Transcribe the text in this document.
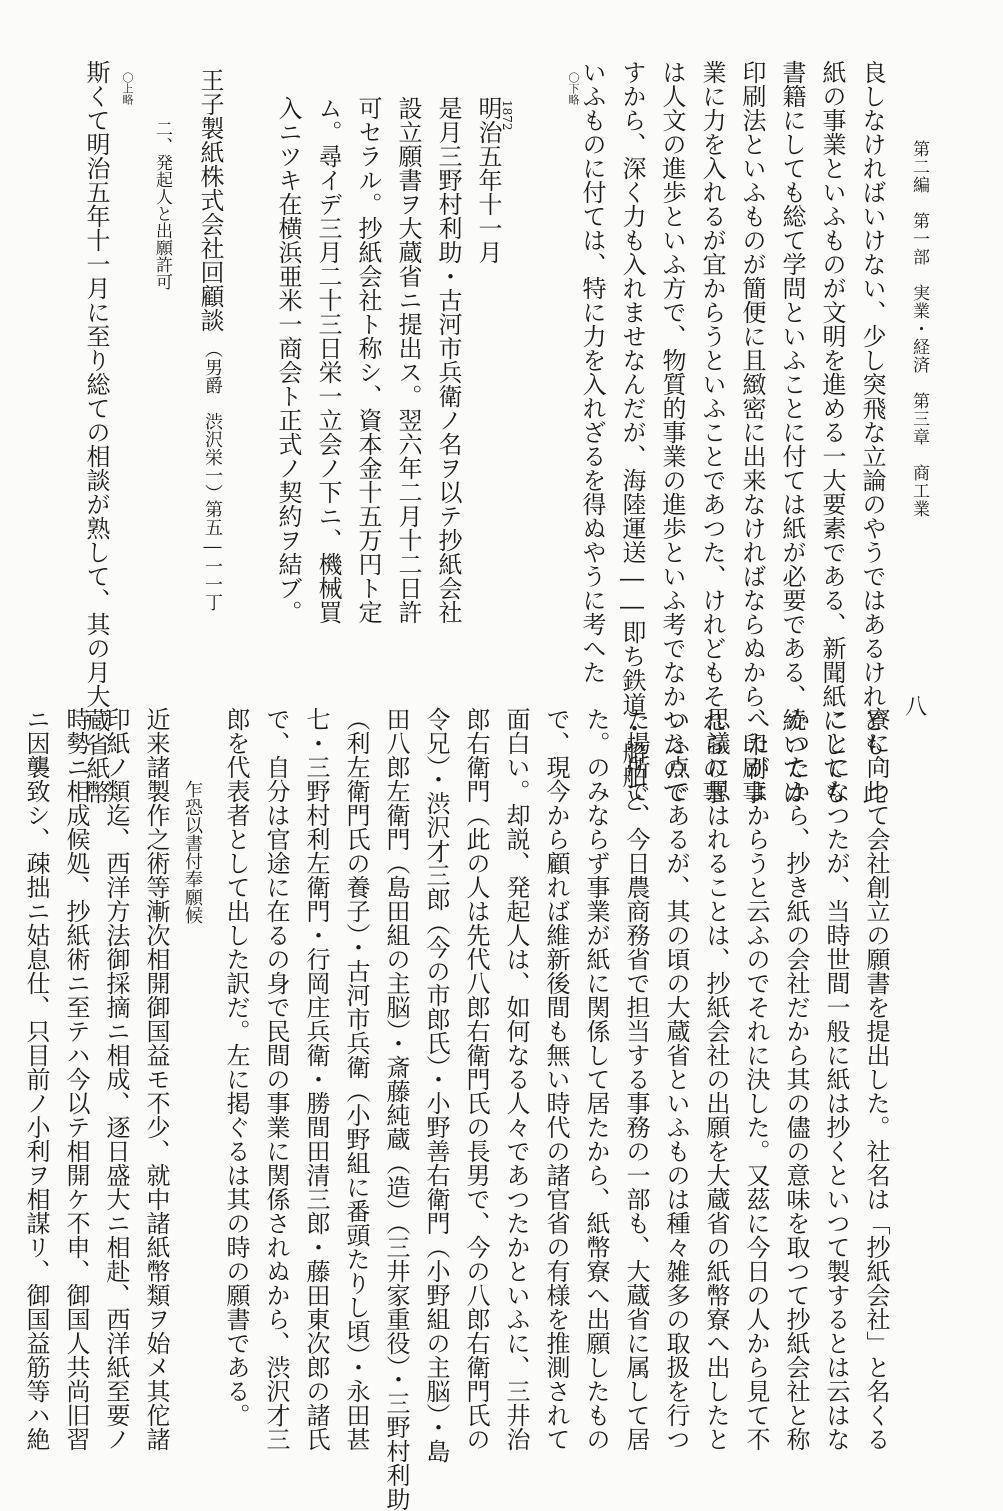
第二編　第一部　実業・経済　第三章　商工業
八
良しなければいけない、少し突飛な立論のやうではあるけれども、此
紙の事業といふものが文明を進める一大要素である、新聞紙にしても
書籍にしても総て学問といふことに付ては紙が必要である、続いては
印刷法といふものが簡便に且緻密に出来なければならぬから、印刷事
業に力を入れるが宜からうといふことであつた、けれどもそれらの事
は人文の進歩といふ方で、物質的事業の進歩といふ考でなかつたので
すから、深く力も入れませなんだが、海陸運送――即ち鉄道・船舶と
いふものに付ては、特に力を入れざるを得ぬやうに考へた
〇下略
1872
明治五年十一月
是月三野村利助・古河市兵衛ノ名ヲ以テ抄紙会社
設立願書ヲ大蔵省ニ提出ス。翌六年二月十二日許
可セラル。抄紙会社ト称シ、資本金十五万円ト定
ム。尋イデ三月二十三日栄一立会ノ下ニ、機械買
入ニツキ在横浜亜米一商会ト正式ノ契約ヲ結ブ。
王子製紙株式会社回顧談
（男爵　渋沢栄一）
第五―一一丁
二、発起人と出願許可
〇上略
斯くて明治五年十一月に至り総ての相談が熟して、其の月大蔵省紙幣
寮に向つて会社創立の願書を提出した。社名は「抄紙会社」と名くる
ことになつたが、当時世間一般に紙は抄くといつて製するとは云はな
かつたから、抄き紙の会社だから其の儘の意味を取つて抄紙会社と称
へたがよからうと云ふのでそれに決した。又茲に今日の人から見て不
思議に思はれることは、抄紙会社の出願を大蔵省の紙幣寮へ出したと
いふ点であるが、其の頃の大蔵省といふものは種々雑多の取扱を行つ
た場所で、今日農商務省で担当する事務の一部も、大蔵省に属して居
た。のみならず事業が紙に関係して居たから、紙幣寮へ出願したもの
で、現今から顧れば維新後間も無い時代の諸官省の有様を推測されて
面白い。却説、発起人は、如何なる人々であつたかといふに、三井治
郎右衛門（此の人は先代八郎右衛門氏の長男で、今の八郎右衛門氏の
令兄）・渋沢才三郎（今の市郎氏）・小野善右衛門（小野組の主脳）・島
田八郎左衛門（島田組の主脳）・斎藤純蔵（造）（三井家重役）・三野村利助
（利左衛門氏の養子）・古河市兵衛（小野組に番頭たりし頃）・永田甚
七・三野村利左衛門・行岡庄兵衛・勝間田清三郎・藤田東次郎の諸氏
で、自分は官途に在るの身で民間の事業に関係されぬから、渋沢才三
郎を代表者として出した訳だ。左に掲ぐるは其の時の願書である。
乍恐以書付奉願候
近来諸製作之術等漸次相開御国益モ不少、就中諸紙幣類ヲ始メ其佗諸
印紙ノ類迄、西洋方法御採摘ニ相成、逐日盛大ニ相赴、西洋紙至要ノ
時勢ニ相成候処、抄紙術ニ至テハ今以テ相開ケ不申、御国人共尚旧習
ニ因襲致シ、疎拙ニ姑息仕、只目前ノ小利ヲ相謀リ、御国益筋等ハ絶
